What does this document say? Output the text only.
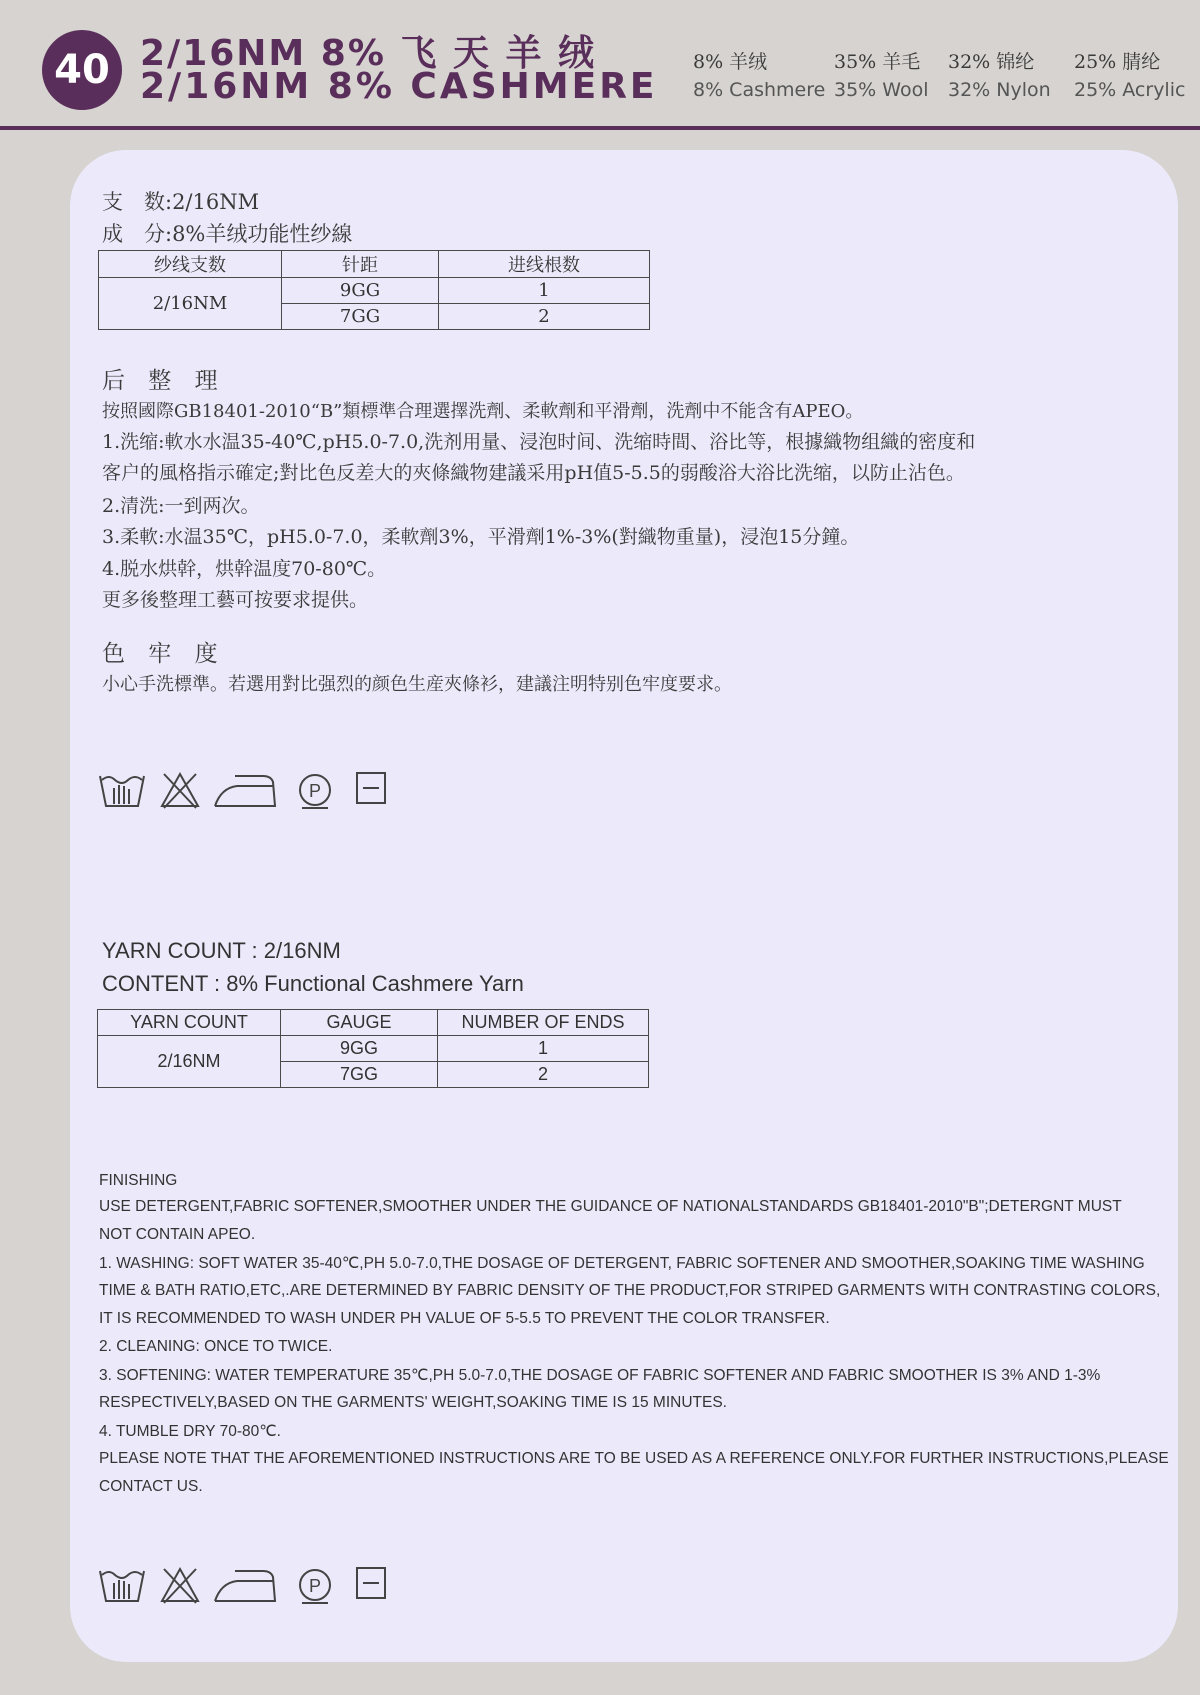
40 2/16NM 8% 飞 天 羊 绒
2/16NM 8% CASHMERE
8% 羊绒
8% Cashmere
35% 羊毛
35% Wool
32% 锦纶
32% Nylon
25% 腈纶
25% Acrylic
支　数:2/16NM
成　分:8%羊绒功能性纱線
纱线支数	针距	进线根数
2/16NM	9GG	1
	7GG	2
后 整 理
按照國際GB18401-2010“B”類標準合理選擇洗劑、柔軟劑和平滑劑，洗劑中不能含有APEO。
1.洗缩:軟水水温35-40℃,pH5.0-7.0,洗剂用量、浸泡时间、洗缩時間、浴比等，根據織物组織的密度和
客户的風格指示確定;對比色反差大的夾條織物建議采用pH值5-5.5的弱酸浴大浴比洗缩，以防止沾色。
2.清洗:一到两次。
3.柔軟:水温35℃，pH5.0-7.0，柔軟劑3%，平滑劑1%-3%(對織物重量)，浸泡15分鐘。
4.脱水烘幹，烘幹温度70-80℃。
更多後整理工藝可按要求提供。
色 牢 度
小心手洗標準。若選用對比强烈的颜色生産夾條衫，建議注明特别色牢度要求。
P
YARN COUNT : 2/16NM
CONTENT : 8% Functional Cashmere Yarn
YARN COUNT	GAUGE	NUMBER OF ENDS
2/16NM	9GG	1
	7GG	2
FINISHING
USE DETERGENT,FABRIC SOFTENER,SMOOTHER UNDER THE GUIDANCE OF NATIONALSTANDARDS GB18401-2010"B";DETERGNT MUST
NOT CONTAIN APEO.
1. WASHING: SOFT WATER 35-40℃,PH 5.0-7.0,THE DOSAGE OF DETERGENT, FABRIC SOFTENER AND SMOOTHER,SOAKING TIME WASHING
TIME & BATH RATIO,ETC,.ARE DETERMINED BY FABRIC DENSITY OF THE PRODUCT,FOR STRIPED GARMENTS WITH CONTRASTING COLORS,
IT IS RECOMMENDED TO WASH UNDER PH VALUE OF 5-5.5 TO PREVENT THE COLOR TRANSFER.
2. CLEANING: ONCE TO TWICE.
3. SOFTENING: WATER TEMPERATURE 35℃,PH 5.0-7.0,THE DOSAGE OF FABRIC SOFTENER AND FABRIC SMOOTHER IS 3% AND 1-3%
RESPECTIVELY,BASED ON THE GARMENTS' WEIGHT,SOAKING TIME IS 15 MINUTES.
4. TUMBLE DRY 70-80℃.
PLEASE NOTE THAT THE AFOREMENTIONED INSTRUCTIONS ARE TO BE USED AS A REFERENCE ONLY.FOR FURTHER INSTRUCTIONS,PLEASE
CONTACT US.
P
